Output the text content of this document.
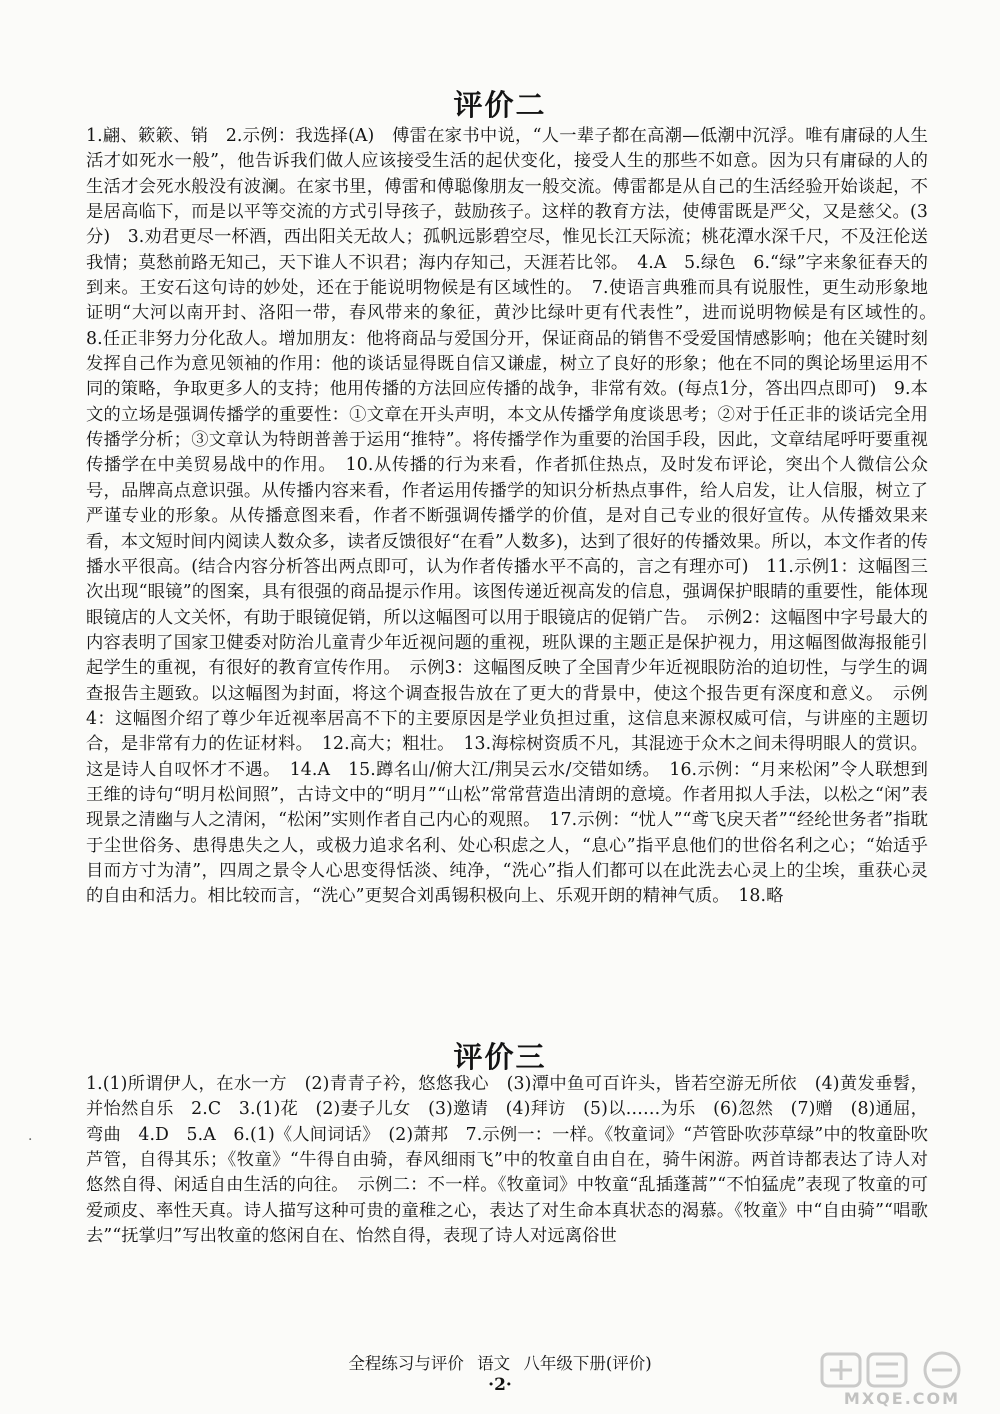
评价二

1.翩、簌簌、销　2.示例：我选择(A)　傅雷在家书中说，“人一辈子都在高潮—低潮中沉浮。唯有庸碌的人生活才如死水一般”，他告诉我们做人应该接受生活的起伏变化，接受人生的那些不如意。因为只有庸碌的人的生活才会死水般没有波澜。在家书里，傅雷和傅聪像朋友一般交流。傅雷都是从自己的生活经验开始谈起，不是居高临下，而是以平等交流的方式引导孩子，鼓励孩子。这样的教育方法，使傅雷既是严父，又是慈父。(3分)　3.劝君更尽一杯酒，西出阳关无故人；孤帆远影碧空尽，惟见长江天际流；桃花潭水深千尺，不及汪伦送我情；莫愁前路无知己，天下谁人不识君；海内存知己，天涯若比邻。　4.A　5.绿色　6.“绿”字来象征春天的到来。王安石这句诗的妙处，还在于能说明物候是有区域性的。　7.使语言典雅而具有说服性，更生动形象地证明“大河以南开封、洛阳一带，春风带来的象征，黄沙比绿叶更有代表性”，进而说明物候是有区域性的。　8.任正非努力分化敌人。增加朋友：他将商品与爱国分开，保证商品的销售不受爱国情感影响；他在关键时刻发挥自己作为意见领袖的作用：他的谈话显得既自信又谦虚，树立了良好的形象；他在不同的舆论场里运用不同的策略，争取更多人的支持；他用传播的方法回应传播的战争，非常有效。(每点1分，答出四点即可)　9.本文的立场是强调传播学的重要性：①文章在开头声明，本文从传播学角度谈思考；②对于任正非的谈话完全用传播学分析；③文章认为特朗普善于运用“推特”。将传播学作为重要的治国手段，因此，文章结尾呼吁要重视传播学在中美贸易战中的作用。　10.从传播的行为来看，作者抓住热点，及时发布评论，突出个人微信公众号，品牌高点意识强。从传播内容来看，作者运用传播学的知识分析热点事件，给人启发，让人信服，树立了严谨专业的形象。从传播意图来看，作者不断强调传播学的价值，是对自己专业的很好宣传。从传播效果来看，本文短时间内阅读人数众多，读者反馈很好“在看”人数多)，达到了很好的传播效果。所以，本文作者的传播水平很高。(结合内容分析答出两点即可，认为作者传播水平不高的，言之有理亦可)　11.示例1：这幅图三次出现“眼镜”的图案，具有很强的商品提示作用。该图传递近视高发的信息，强调保护眼睛的重要性，能体现眼镜店的人文关怀，有助于眼镜促销，所以这幅图可以用于眼镜店的促销广告。　示例2：这幅图中字号最大的内容表明了国家卫健委对防治儿童青少年近视问题的重视，班队课的主题正是保护视力，用这幅图做海报能引起学生的重视，有很好的教育宣传作用。　示例3：这幅图反映了全国青少年近视眼防治的迫切性，与学生的调查报告主题致。以这幅图为封面，将这个调查报告放在了更大的背景中，使这个报告更有深度和意义。　示例4：这幅图介绍了尊少年近视率居高不下的主要原因是学业负担过重，这信息来源权威可信，与讲座的主题切合，是非常有力的佐证材料。　12.高大；粗壮。　13.海棕树资质不凡，其混迹于众木之间未得明眼人的赏识。这是诗人自叹怀才不遇。　14.A　15.蹲名山/俯大江/荆吴云水/交错如绣。　16.示例：“月来松闲”令人联想到王维的诗句“明月松间照”，古诗文中的“明月”“山松”常常营造出清朗的意境。作者用拟人手法，以松之“闲”表现景之清幽与人之清闲，“松闲”实则作者自己内心的观照。　17.示例：“忧人”“鸢飞戾天者”“经纶世务者”指耽于尘世俗务、患得患失之人，或极力追求名利、处心积虑之人，“息心”指平息他们的世俗名利之心；“始适乎目而方寸为清”，四周之景令人心思变得恬淡、纯净，“洗心”指人们都可以在此洗去心灵上的尘埃，重获心灵的自由和活力。相比较而言，“洗心”更契合刘禹锡积极向上、乐观开朗的精神气质。　18.略

评价三

1.(1)所谓伊人，在水一方　(2)青青子衿，悠悠我心　(3)潭中鱼可百许头，皆若空游无所依　(4)黄发垂髫，并怡然自乐　2.C　3.(1)花　(2)妻子儿女　(3)邀请　(4)拜访　(5)以……为乐　(6)忽然　(7)赠　(8)通屈，弯曲　4.D　5.A　6.(1)《人间词话》　(2)萧邦　7.示例一：一样。《牧童词》“芦管卧吹莎草绿”中的牧童卧吹芦管，自得其乐；《牧童》“牛得自由骑，春风细雨飞”中的牧童自由自在，骑牛闲游。两首诗都表达了诗人对悠然自得、闲适自由生活的向往。　示例二：不一样。《牧童词》中牧童“乱插蓬蒿”“不怕猛虎”表现了牧童的可爱顽皮、率性天真。诗人描写这种可贵的童稚之心，表达了对生命本真状态的渴慕。《牧童》中“自由骑”“唱歌去”“抚掌归”写出牧童的悠闲自在、怡然自得，表现了诗人对远离俗世

·
全程练习与评价 语文 八年级下册(评价)
·2·
MXQE.COM
